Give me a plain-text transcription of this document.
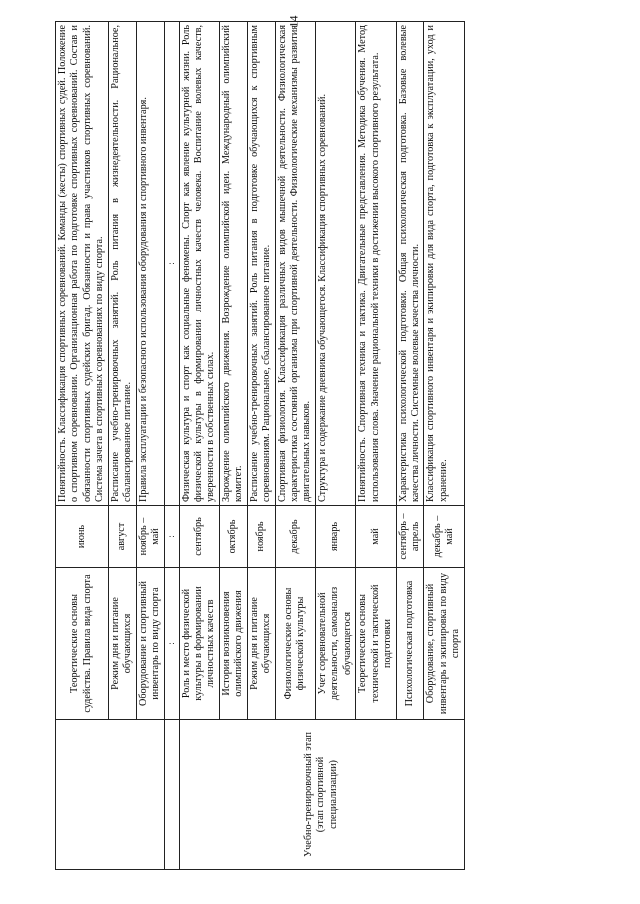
14
	Теоретические основы судейства. Правила вида спорта	июнь	Понятийность. Классификация спортивных соревнований. Команды (жесты) спортивных судей. Положение о спортивном соревновании. Организационная работа по подготовке спортивных соревнований. Состав и обязанности спортивных судейских бригад. Обязанности и права участников спортивных соревнований. Система зачета в спортивных соревнованиях по виду спорта.
	Режим дня и питание обучающихся	август	Расписание учебно-тренировочных занятий. Роль питания в жизнедеятельности. Рациональное, сбалансированное питание.
	Оборудование и спортивный инвентарь по виду спорта	ноябрь – май	Правила эксплуатации и безопасного использования оборудования и спортивного инвентаря.
	:	:	:
Учебно-тренировочный этап (этап спортивной специализации)	Роль и место физической культуры в формировании личностных качеств	сентябрь	Физическая культура и спорт как социальные феномены. Спорт как явление культурной жизни. Роль физической культуры в формировании личностных качеств человека. Воспитание волевых качеств, уверенности в собственных силах.
	История возникновения олимпийского движения	октябрь	Зарождение олимпийского движения. Возрождение олимпийской идеи. Международный олимпийский комитет.
	Режим дня и питание обучающихся	ноябрь	Расписание учебно-тренировочных занятий. Роль питания в подготовке обучающихся к спортивным соревнованиям. Рациональное, сбалансированное питание.
	Физиологические основы физической культуры	декабрь	Спортивная физиология. Классификация различных видов мышечной деятельности. Физиологическая характеристика состояний организма при спортивной деятельности. Физиологические механизмы развития двигательных навыков.
	Учет соревновательной деятельности, самоанализ обучающегося	январь	Структура и содержание дневника обучающегося. Классификация спортивных соревнований.
	Теоретические основы технической и тактической подготовки	май	Понятийность. Спортивная техника и тактика. Двигательные представления. Методика обучения. Метод использования слова. Значение рациональной техники в достижении высокого спортивного результата.
	Психологическая подготовка	сентябрь – апрель	Характеристика психологической подготовки. Общая психологическая подготовка. Базовые волевые качества личности. Системные волевые качества личности.
	Оборудование, спортивный инвентарь и экипировка по виду спорта	декабрь – май	Классификация спортивного инвентаря и экипировки для вида спорта, подготовка к эксплуатации, уход и хранение.
